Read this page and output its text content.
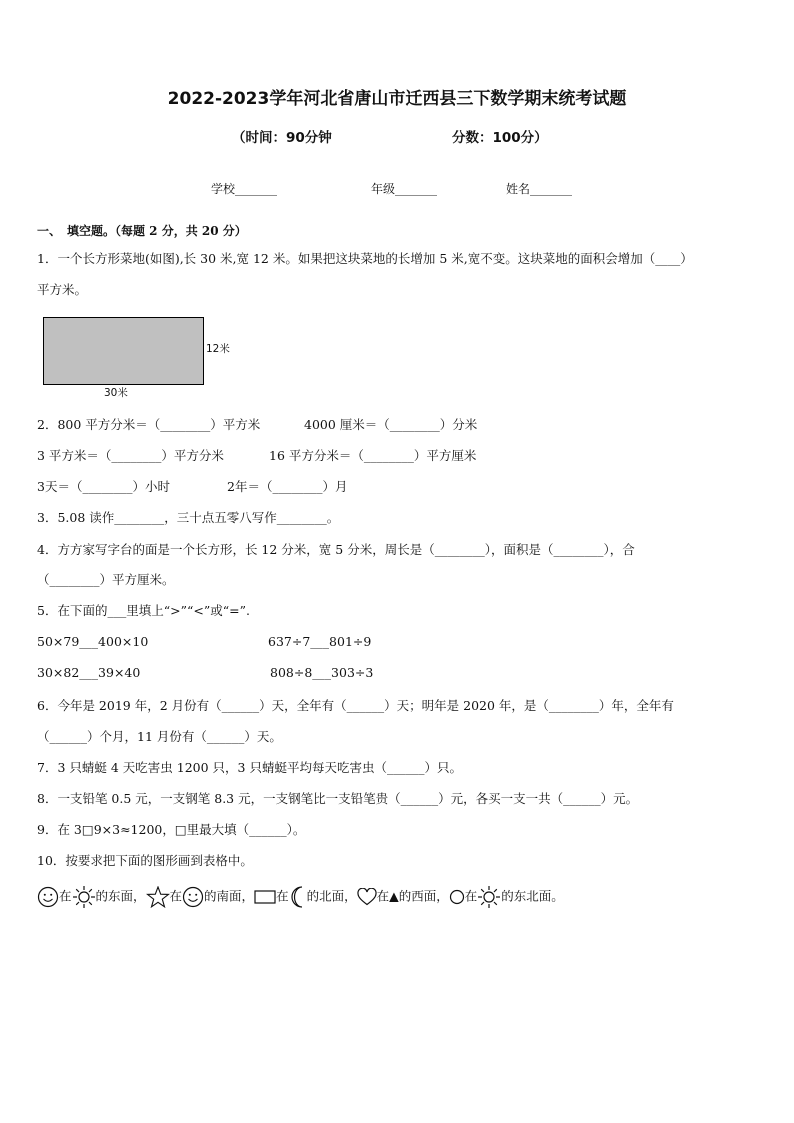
2022-2023学年河北省唐山市迁西县三下数学期末统考试题
（时间：90分钟	分数：100分）
学校_______	年级_______	姓名_______
一、　填空题。（每题 2 分，共 20 分）
1．一个长方形菜地(如图),长 30 米,宽 12 米。如果把这块菜地的长增加 5 米,宽不变。这块菜地的面积会增加（____）
平方米。
12米
30米
2．800 平方分米＝（________）平方米	4000 厘米＝（________）分米
3 平方米＝（________）平方分米	16 平方分米＝（________）平方厘米
3天＝（________）小时	2年＝（________）月
3．5.08 读作________，三十点五零八写作________。
4．方方家写字台的面是一个长方形，长 12 分米，宽 5 分米，周长是（________），面积是（________），合
（________）平方厘米。
5．在下面的___里填上“>”“<”或“=”.
50×79___400×10	637÷7___801÷9
30×82___39×40	808÷8___303÷3
6．今年是 2019 年，2 月份有（______）天，全年有（______）天；明年是 2020 年，是（________）年，全年有
（______）个月，11 月份有（______）天。
7．3 只蜻蜓 4 天吃害虫 1200 只，3 只蜻蜓平均每天吃害虫（______）只。
8．一支铅笔 0.5 元，一支钢笔 8.3 元，一支钢笔比一支铅笔贵（______）元，各买一支一共（______）元。
9．在 3□9×3≈1200，□里最大填（______）。
10．按要求把下面的图形画到表格中。
在 的东面， 在 的南面， 在 的北面， 在▲的西面， 在 的东北面。
